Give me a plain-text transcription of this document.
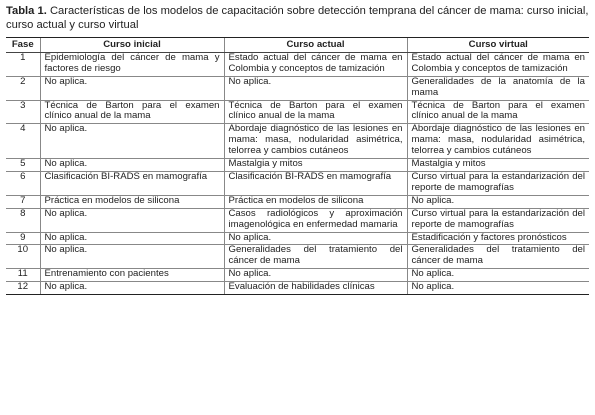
Tabla 1. Características de los modelos de capacitación sobre detección temprana del cáncer de mama: curso inicial, curso actual y curso virtual

Fase	Curso inicial	Curso actual	Curso virtual
1	Epidemiología del cáncer de mama y factores de riesgo	Estado actual del cáncer de mama en Colombia y conceptos de tamización	Estado actual del cáncer de mama en Colombia y conceptos de tamización
2	No aplica.	No aplica.	Generalidades de la anatomía de la mama
3	Técnica de Barton para el examen clínico anual de la mama	Técnica de Barton para el examen clínico anual de la mama	Técnica de Barton para el examen clínico anual de la mama
4	No aplica.	Abordaje diagnóstico de las lesiones en mama: masa, nodularidad asimétrica, telorrea y cambios cutáneos	Abordaje diagnóstico de las lesiones en mama: masa, nodularidad asimétrica, telorrea y cambios cutáneos
5	No aplica.	Mastalgia y mitos	Mastalgia y mitos
6	Clasificación BI-RADS en mamografía	Clasificación BI-RADS en mamografía	Curso virtual para la estandarización del reporte de mamografías
7	Práctica en modelos de silicona	Práctica en modelos de silicona	No aplica.
8	No aplica.	Casos radiológicos y aproximación imagenológica en enfermedad mamaria	Curso virtual para la estandarización del reporte de mamografías
9	No aplica.	No aplica.	Estadificación y factores pronósticos
10	No aplica.	Generalidades del tratamiento del cáncer de mama	Generalidades del tratamiento del cáncer de mama
11	Entrenamiento con pacientes	No aplica.	No aplica.
12	No aplica.	Evaluación de habilidades clínicas	No aplica.
